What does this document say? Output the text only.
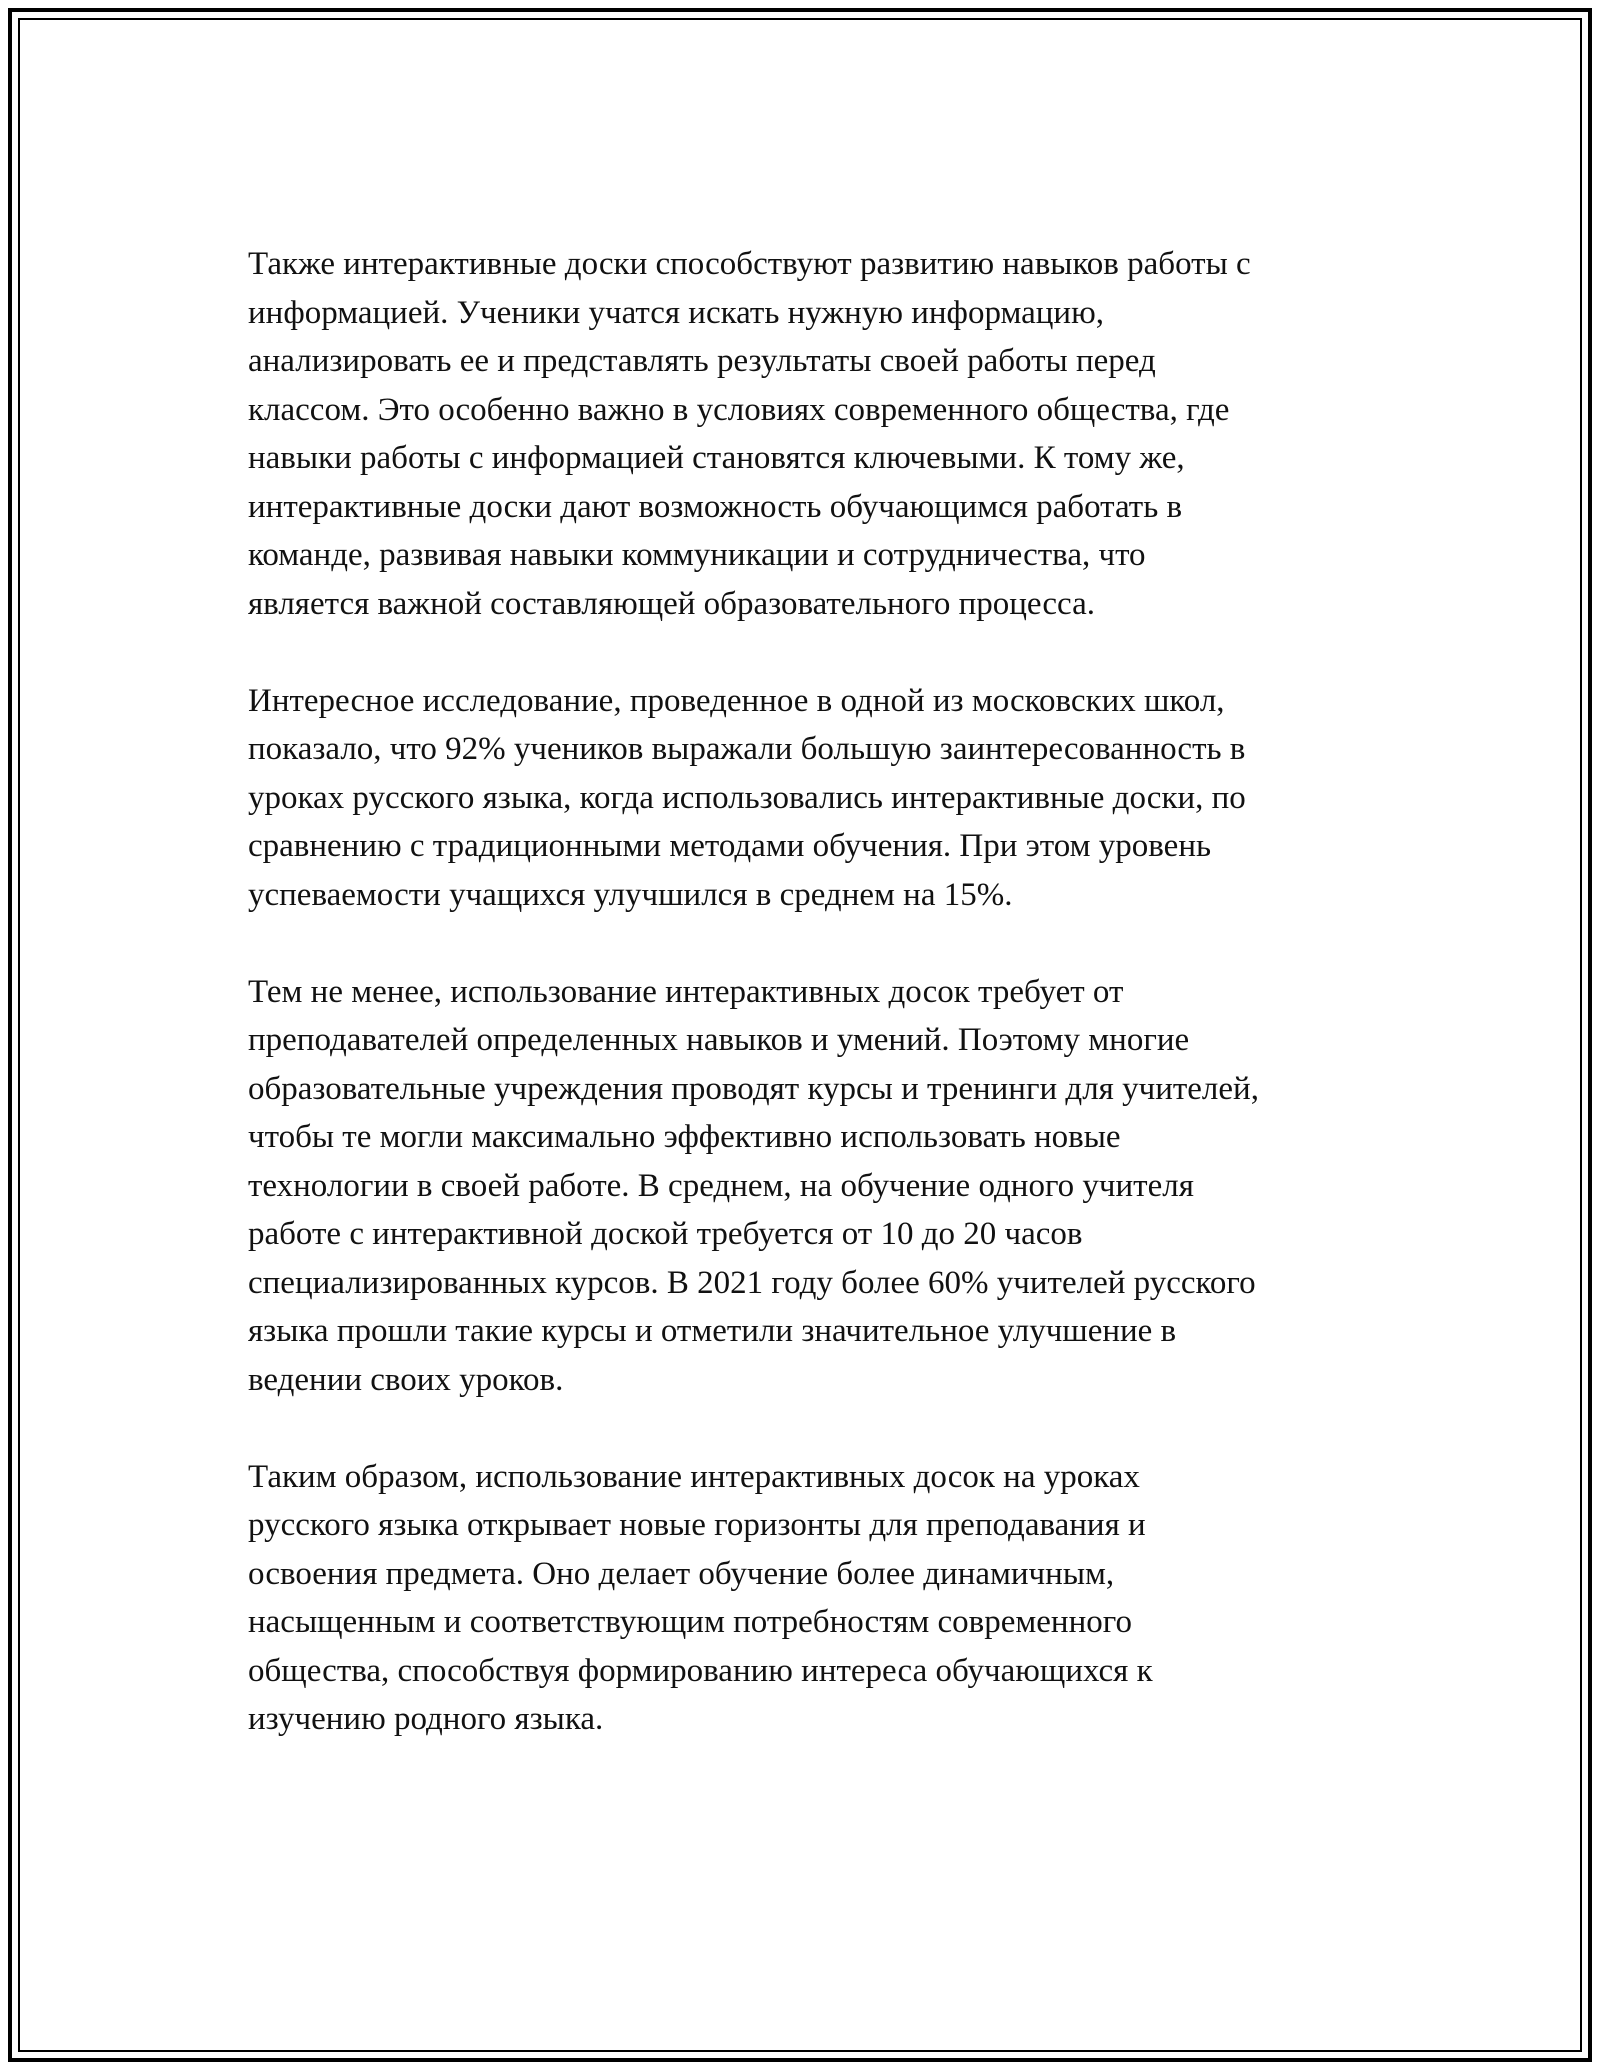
Также интерактивные доски способствуют развитию навыков работы с
информацией. Ученики учатся искать нужную информацию,
анализировать ее и представлять результаты своей работы перед
классом. Это особенно важно в условиях современного общества, где
навыки работы с информацией становятся ключевыми. К тому же,
интерактивные доски дают возможность обучающимся работать в
команде, развивая навыки коммуникации и сотрудничества, что
является важной составляющей образовательного процесса.

Интересное исследование, проведенное в одной из московских школ,
показало, что 92% учеников выражали большую заинтересованность в
уроках русского языка, когда использовались интерактивные доски, по
сравнению с традиционными методами обучения. При этом уровень
успеваемости учащихся улучшился в среднем на 15%.

Тем не менее, использование интерактивных досок требует от
преподавателей определенных навыков и умений. Поэтому многие
образовательные учреждения проводят курсы и тренинги для учителей,
чтобы те могли максимально эффективно использовать новые
технологии в своей работе. В среднем, на обучение одного учителя
работе с интерактивной доской требуется от 10 до 20 часов
специализированных курсов. В 2021 году более 60% учителей русского
языка прошли такие курсы и отметили значительное улучшение в
ведении своих уроков.

Таким образом, использование интерактивных досок на уроках
русского языка открывает новые горизонты для преподавания и
освоения предмета. Оно делает обучение более динамичным,
насыщенным и соответствующим потребностям современного
общества, способствуя формированию интереса обучающихся к
изучению родного языка.
